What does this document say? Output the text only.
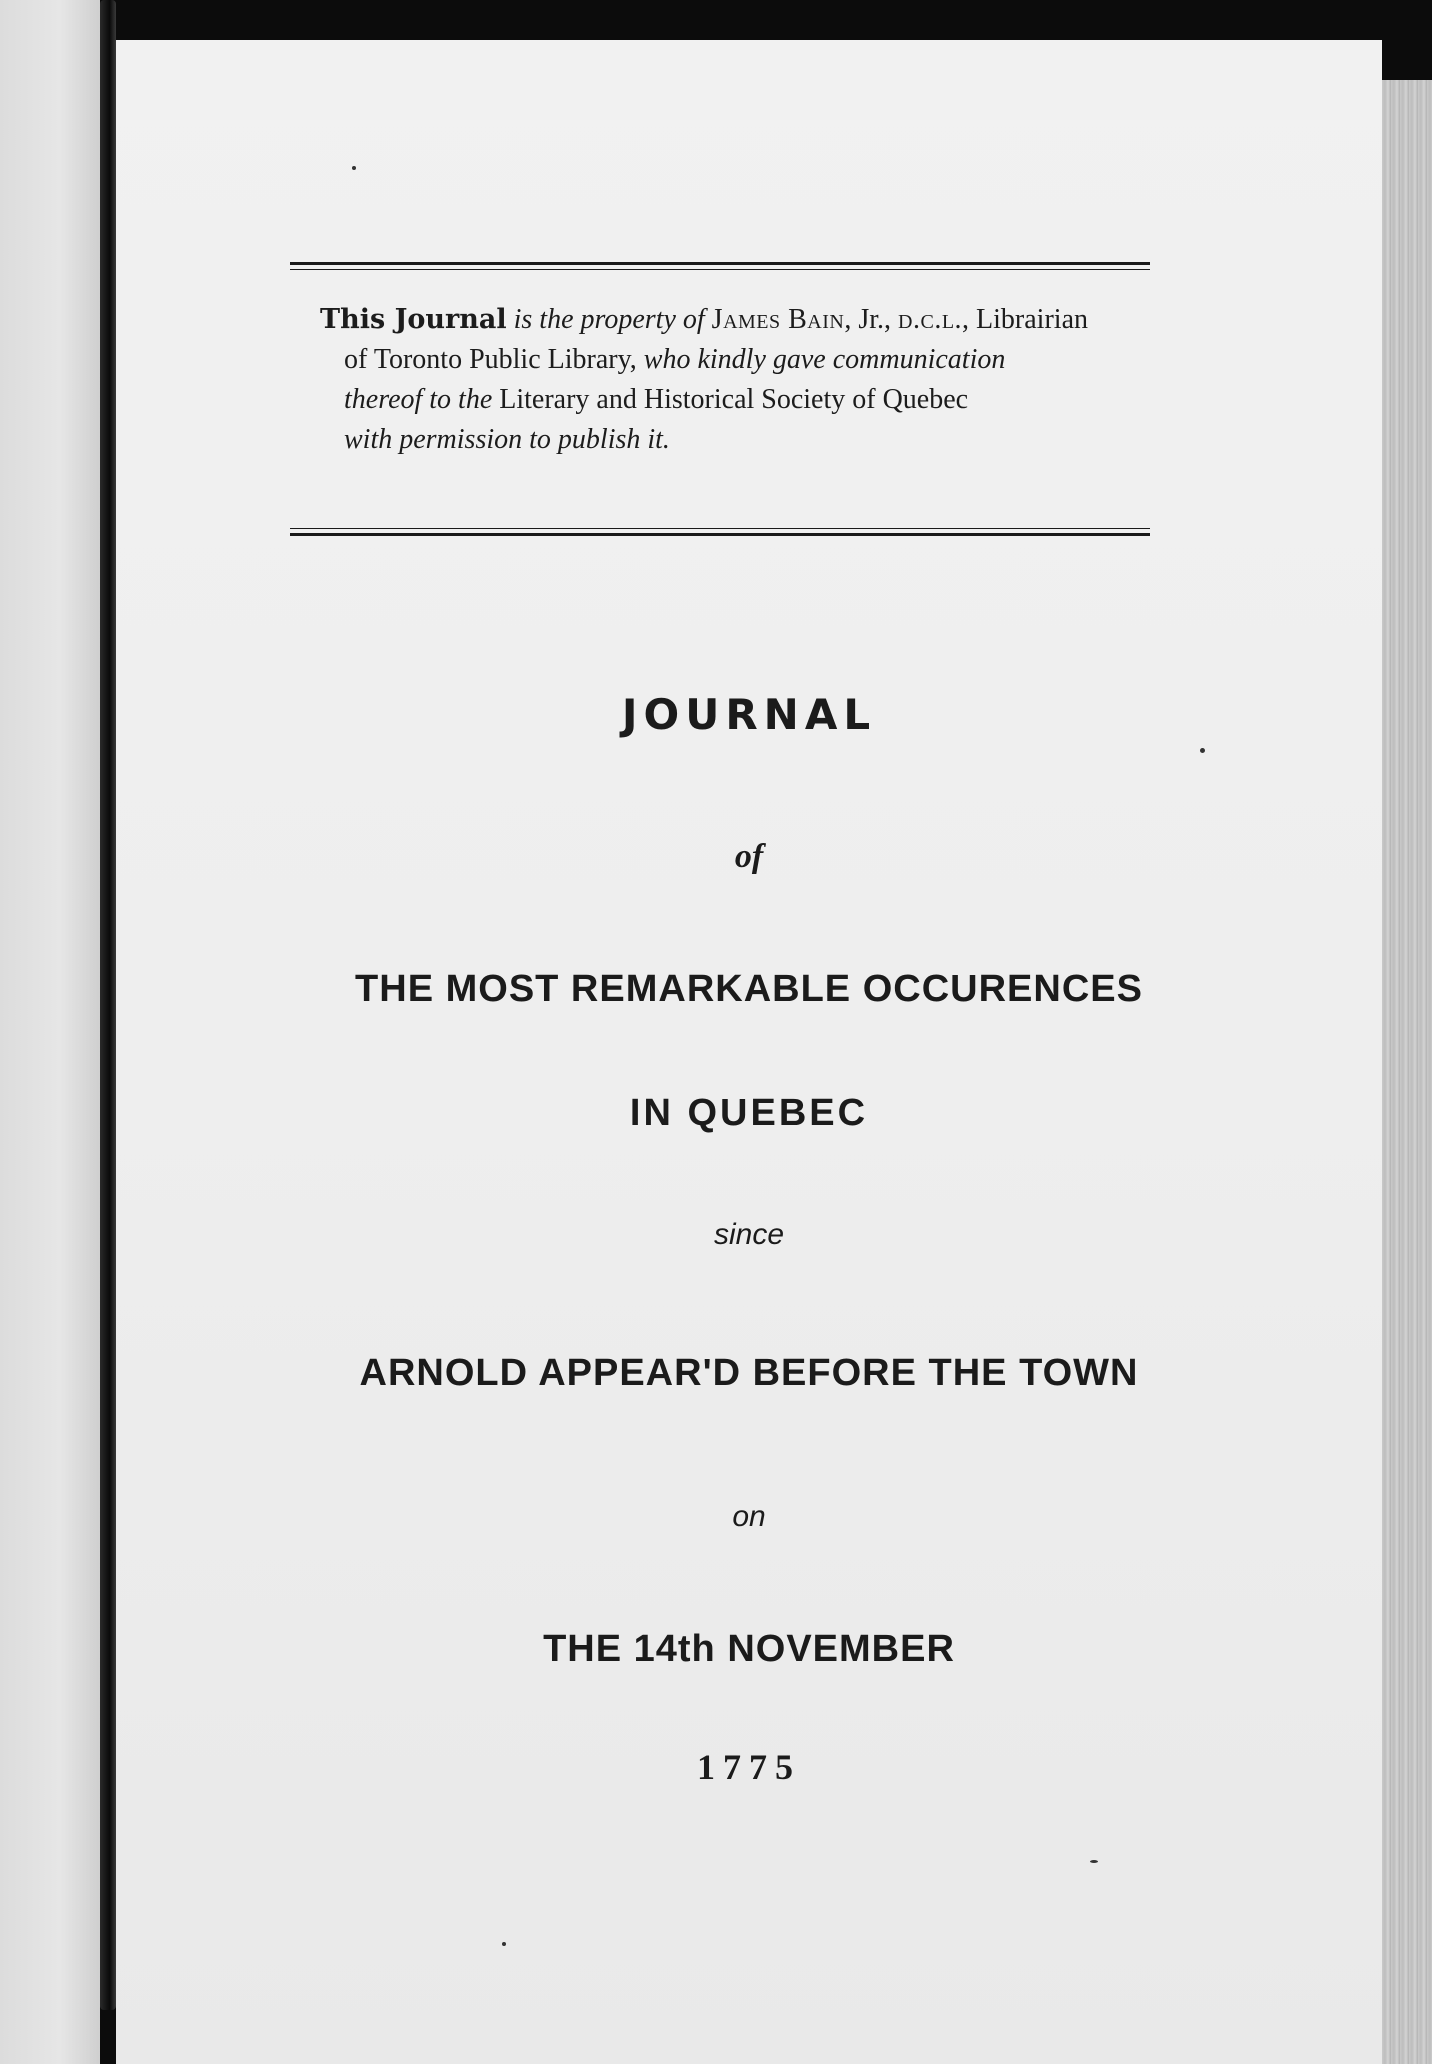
This Journal is the property of James Bain, Jr., d.c.l., Librairian

of Toronto Public Library, who kindly gave communication

thereof to the Literary and Historical Society of Quebec

with permission to publish it.

JOURNAL
of
THE MOST REMARKABLE OCCURENCES
IN QUEBEC
since
ARNOLD APPEAR'D BEFORE THE TOWN
on
THE 14th NOVEMBER
1775
